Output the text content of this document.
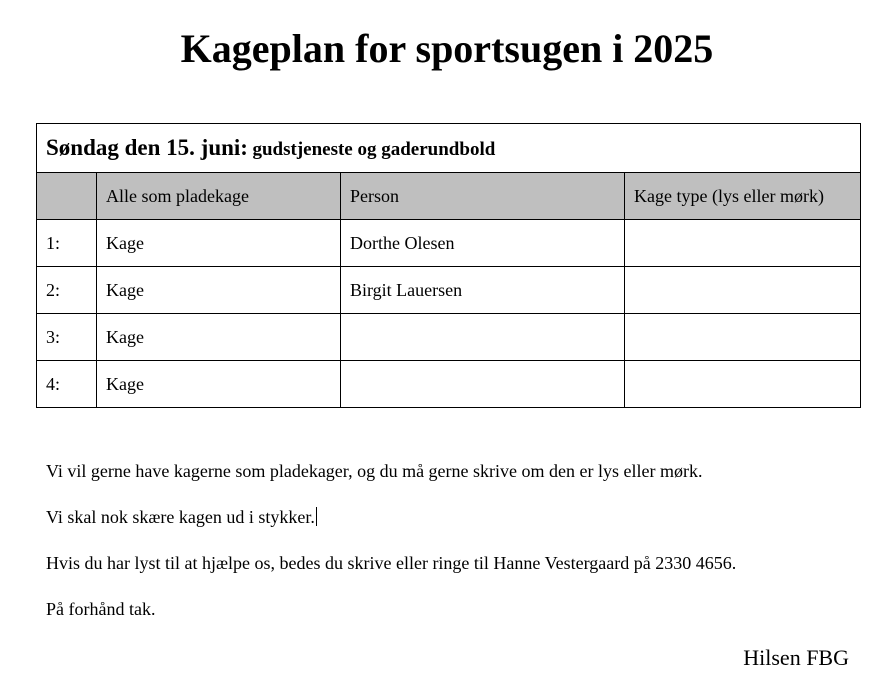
Kageplan for sportsugen i 2025
Søndag den 15. juni: gudstjeneste og gaderundbold			
	Alle som pladekage	Person	Kage type (lys eller mørk)
1:	Kage	Dorthe Olesen	
2:	Kage	Birgit Lauersen	
3:	Kage		
4:	Kage		

Vi vil gerne have kagerne som pladekager, og du må gerne skrive om den er lys eller mørk.

Vi skal nok skære kagen ud i stykker.

Hvis du har lyst til at hjælpe os, bedes du skrive eller ringe til Hanne Vestergaard på 2330 4656.

På forhånd tak.

Hilsen FBG
